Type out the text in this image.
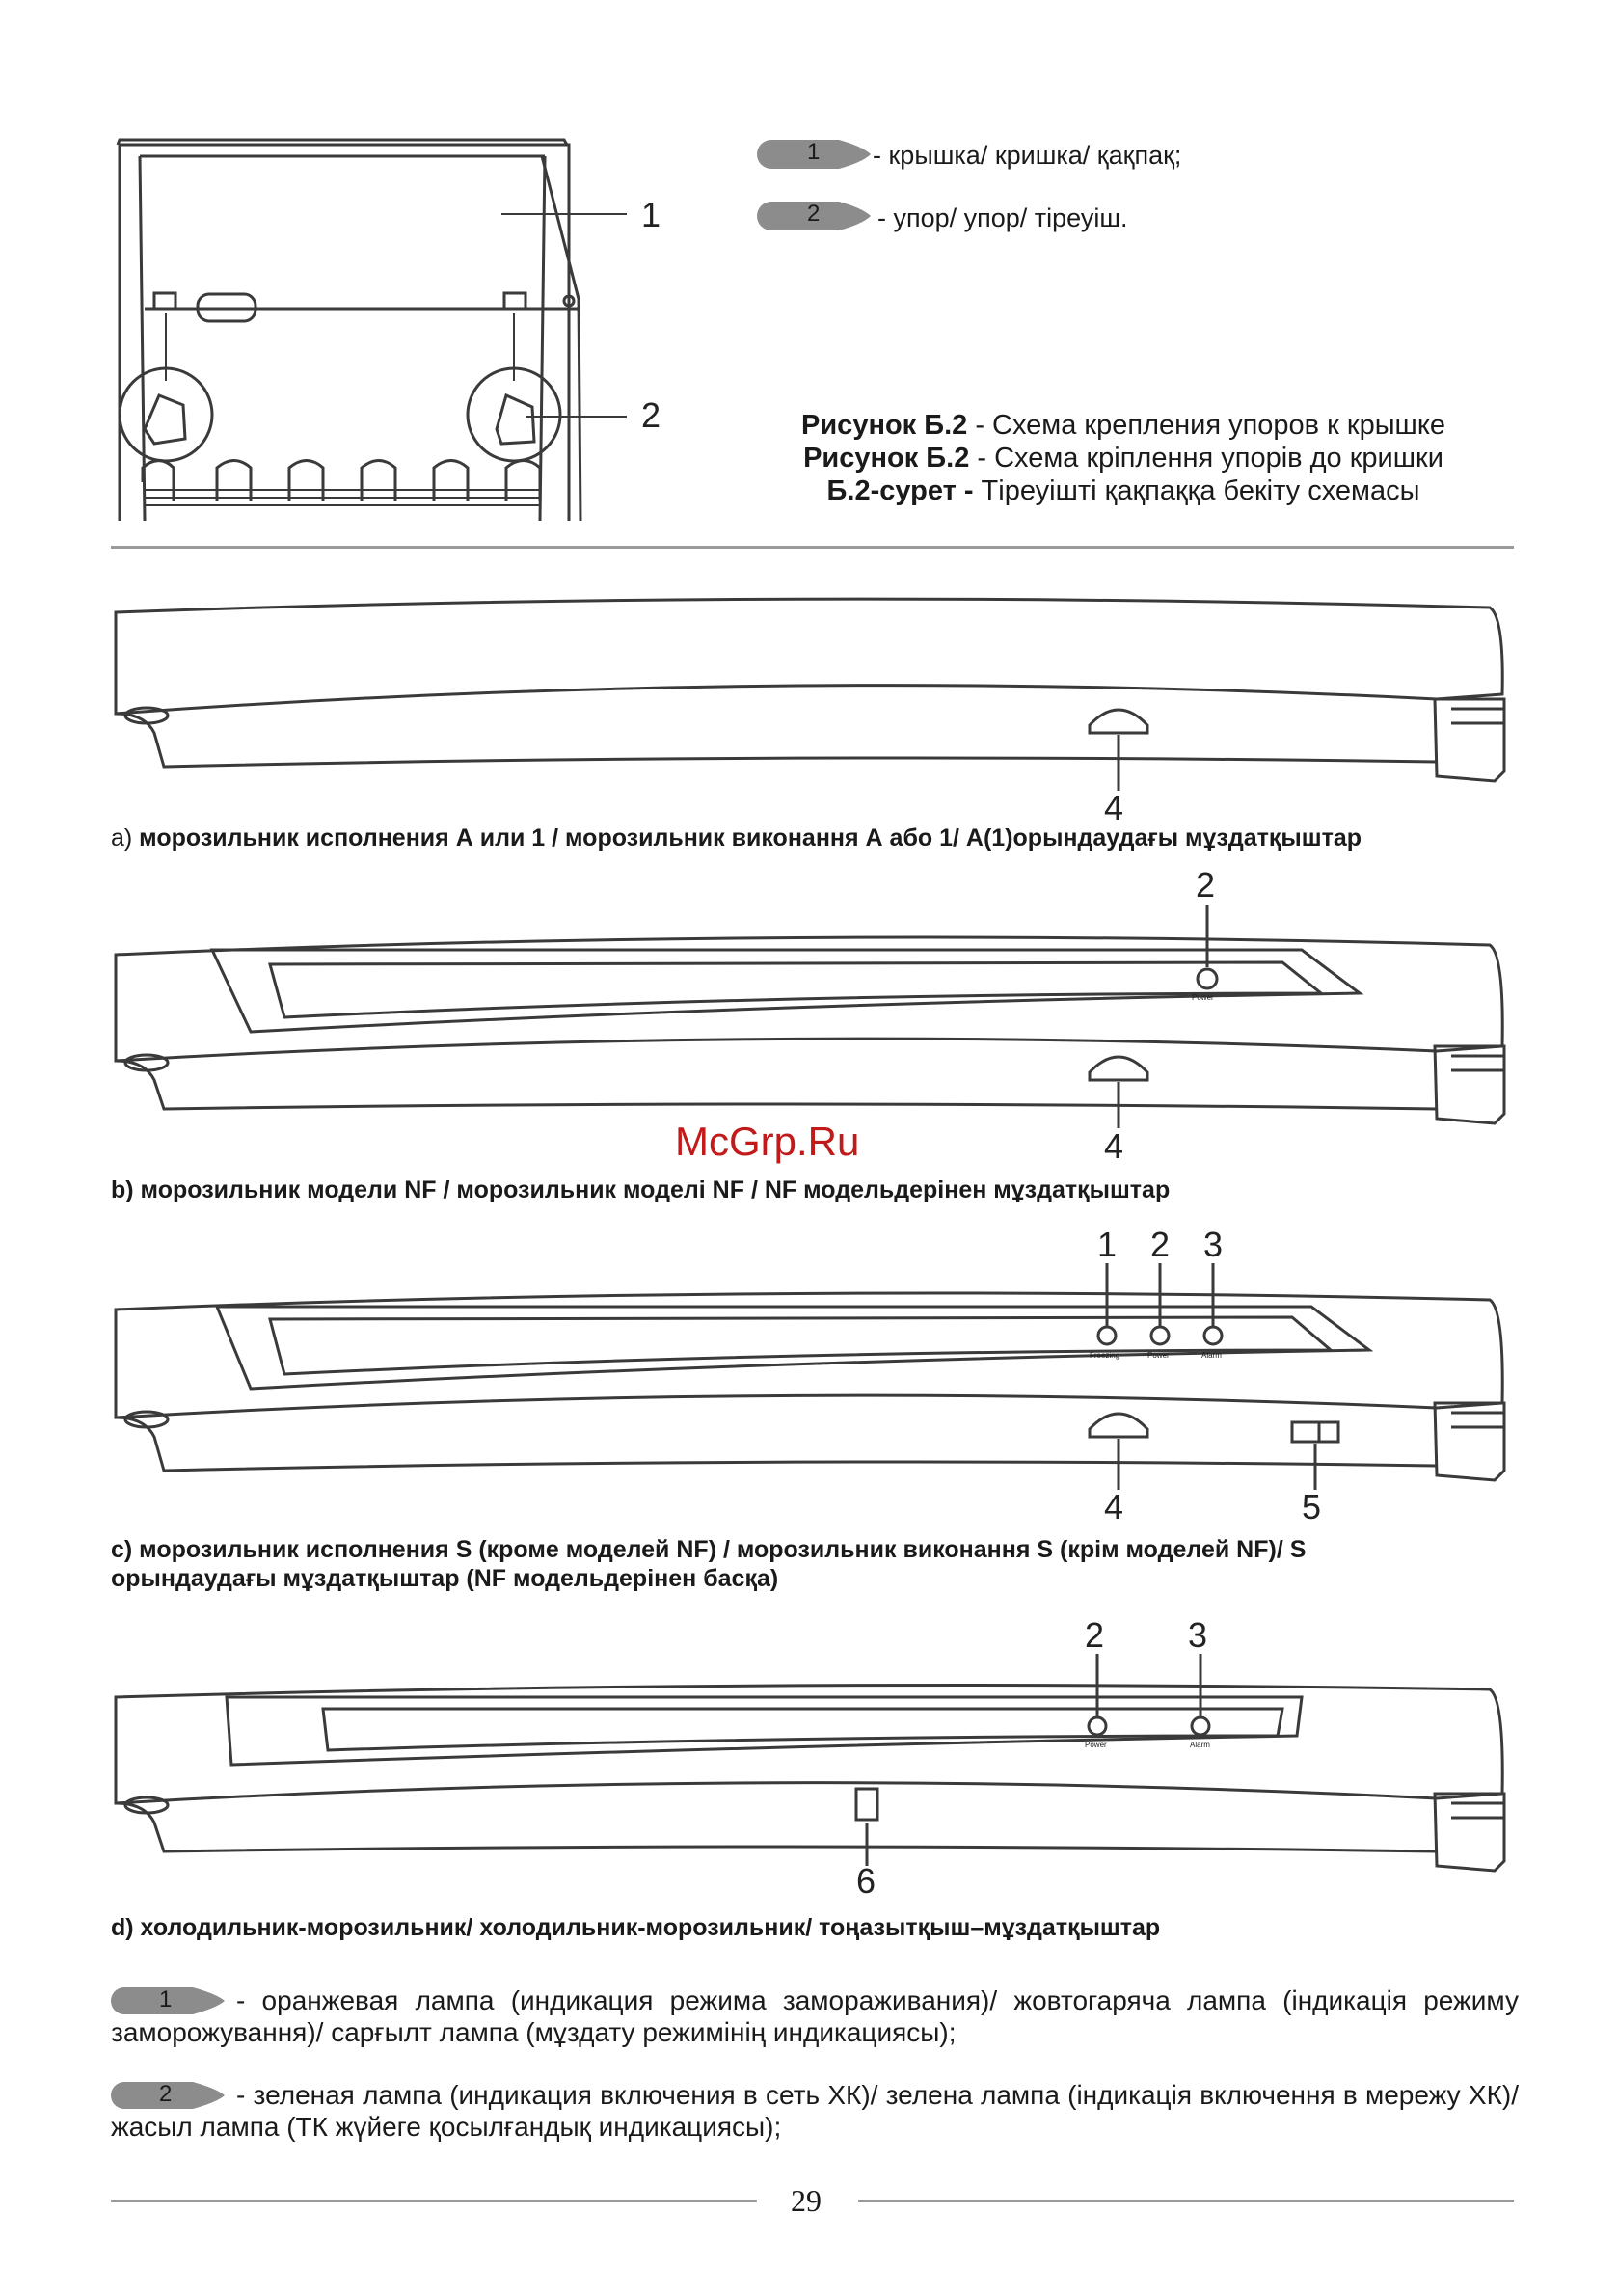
1
2
1 - крышка/ кришка/ қақпақ;
2 - упор/ упор/ тіреуіш.
Рисунок Б.2 - Схема крепления упоров к крышке
Рисунок Б.2 - Схема кріплення упорів до кришки
Б.2-сурет - Тіреуішті қақпаққа бекіту схемасы
4
а) морозильник исполнения А или 1 / морозильник виконання А або 1/ А(1)орындаудағы мұздатқыштар
2
Power
4
McGrp.Ru
b) морозильник модели NF / морозильник моделі NF / NF модельдерінен мұздатқыштар
1 2 3
Freezing	Power	Alarm
4	5
с) морозильник исполнения S (кроме моделей NF) / морозильник виконання S (крім моделей NF)/ S
орындаудағы мұздатқыштар (NF модельдерінен басқа)
2 3
Power	Alarm
6
d) холодильник-морозильник/ холодильник-морозильник/ тоңазытқыш–мұздатқыштар
1	- оранжевая лампа (индикация режима замораживания)/ жовтогаряча лампа (індикація режиму заморожування)/ сарғылт лампа (мұздату режимінің индикациясы);
2	- зеленая лампа (индикация включения в сеть ХК)/ зелена лампа (індикація включення в мережу ХК)/ жасыл лампа (ТК жүйеге қосылғандық индикациясы);
29
